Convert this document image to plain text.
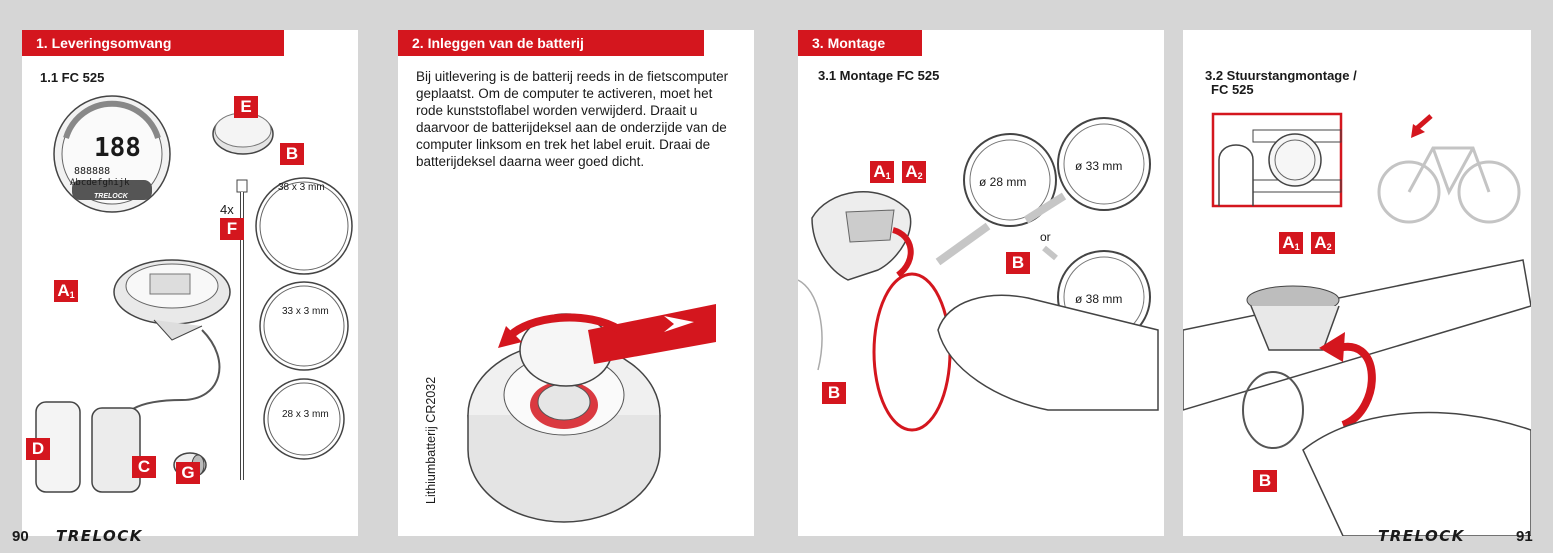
1. Leveringsomvang
1.1 FC 525
188
888888
Abcdefghijk
TRELOCK
E
B
F
$A_1$
D
C	G
4x
38 x 3 mm
33 x 3 mm
28 x 3 mm
2. Inleggen van de batterij
Bij uitlevering is de batterij reeds in de fietscomputer geplaatst. Om de computer te activeren, moet het rode kunststoflabel worden verwijderd. Draait u daarvoor de batterijdeksel aan de onderzijde van de computer linksom en trek het label eruit. Draai de batterijdeksel daarna weer goed dicht.
Lithiumbatterij CR2032
3. Montage
3.1 Montage FC 525
$A_1$ $A_2$
B
B
ø 28 mm
ø 33 mm
ø 38 mm
or
3.2 Stuurstangmontage /
FC 525
$A_1$ $A_2$
B
90 TRELOCK	TRELOCK	91
